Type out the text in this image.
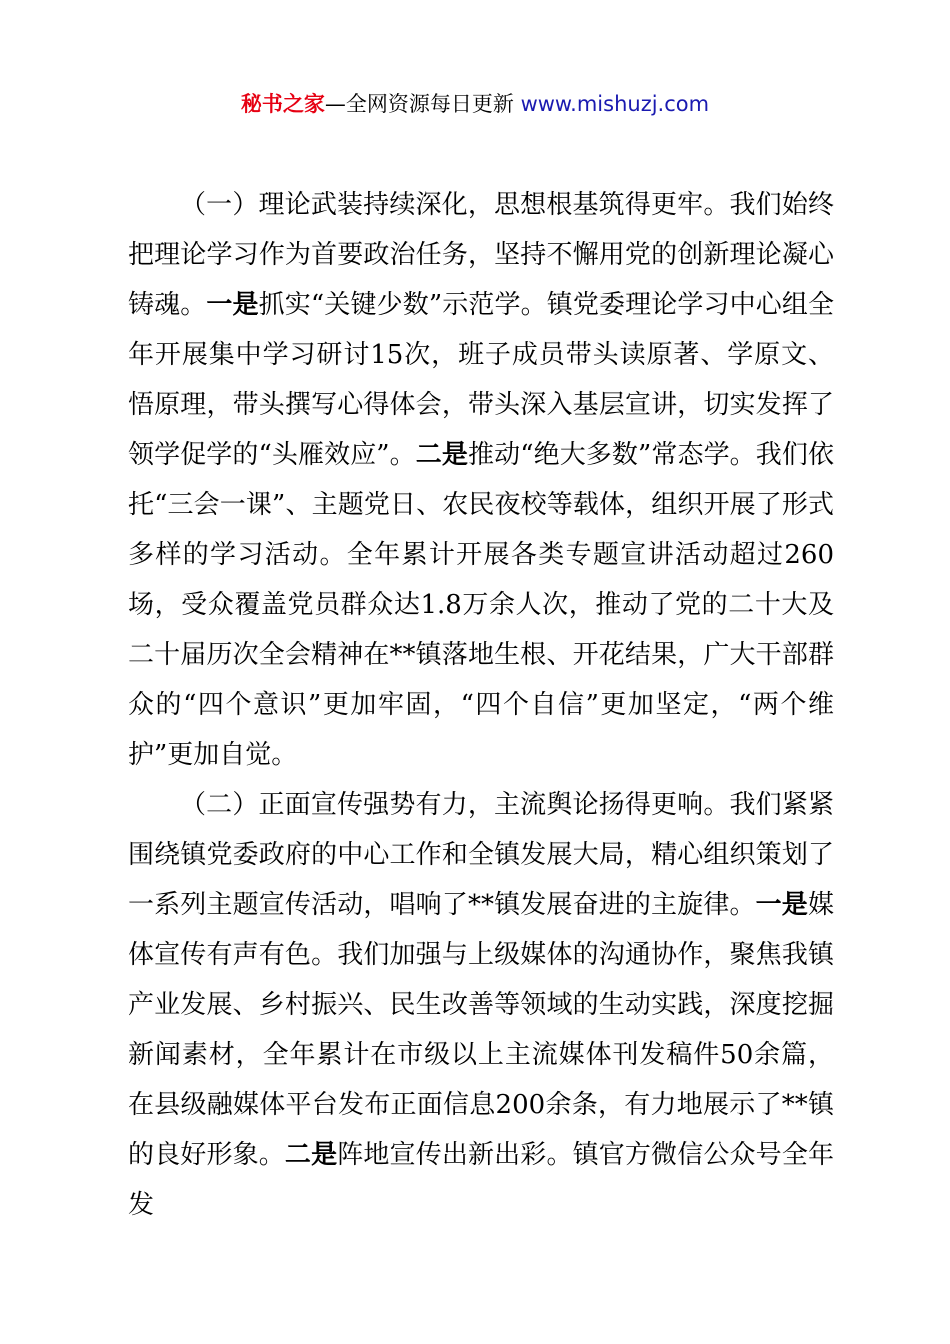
秘书之家—全网资源每日更新 www.mishuzj.com

（一）理论武装持续深化，思想根基筑得更牢。我们始终把理论学习作为首要政治任务，坚持不懈用党的创新理论凝心铸魂。一是抓实“关键少数”示范学。镇党委理论学习中心组全年开展集中学习研讨15次，班子成员带头读原著、学原文、悟原理，带头撰写心得体会，带头深入基层宣讲，切实发挥了领学促学的“头雁效应”。二是推动“绝大多数”常态学。我们依托“三会一课”、主题党日、农民夜校等载体，组织开展了形式多样的学习活动。全年累计开展各类专题宣讲活动超过260场，受众覆盖党员群众达1.8万余人次，推动了党的二十大及二十届历次全会精神在**镇落地生根、开花结果，广大干部群众的“四个意识”更加牢固，“四个自信”更加坚定，“两个维护”更加自觉。

（二）正面宣传强势有力，主流舆论扬得更响。我们紧紧围绕镇党委政府的中心工作和全镇发展大局，精心组织策划了一系列主题宣传活动，唱响了**镇发展奋进的主旋律。一是媒体宣传有声有色。我们加强与上级媒体的沟通协作，聚焦我镇产业发展、乡村振兴、民生改善等领域的生动实践，深度挖掘新闻素材，全年累计在市级以上主流媒体刊发稿件50余篇，在县级融媒体平台发布正面信息200余条，有力地展示了**镇的良好形象。二是阵地宣传出新出彩。镇官方微信公众号全年发
